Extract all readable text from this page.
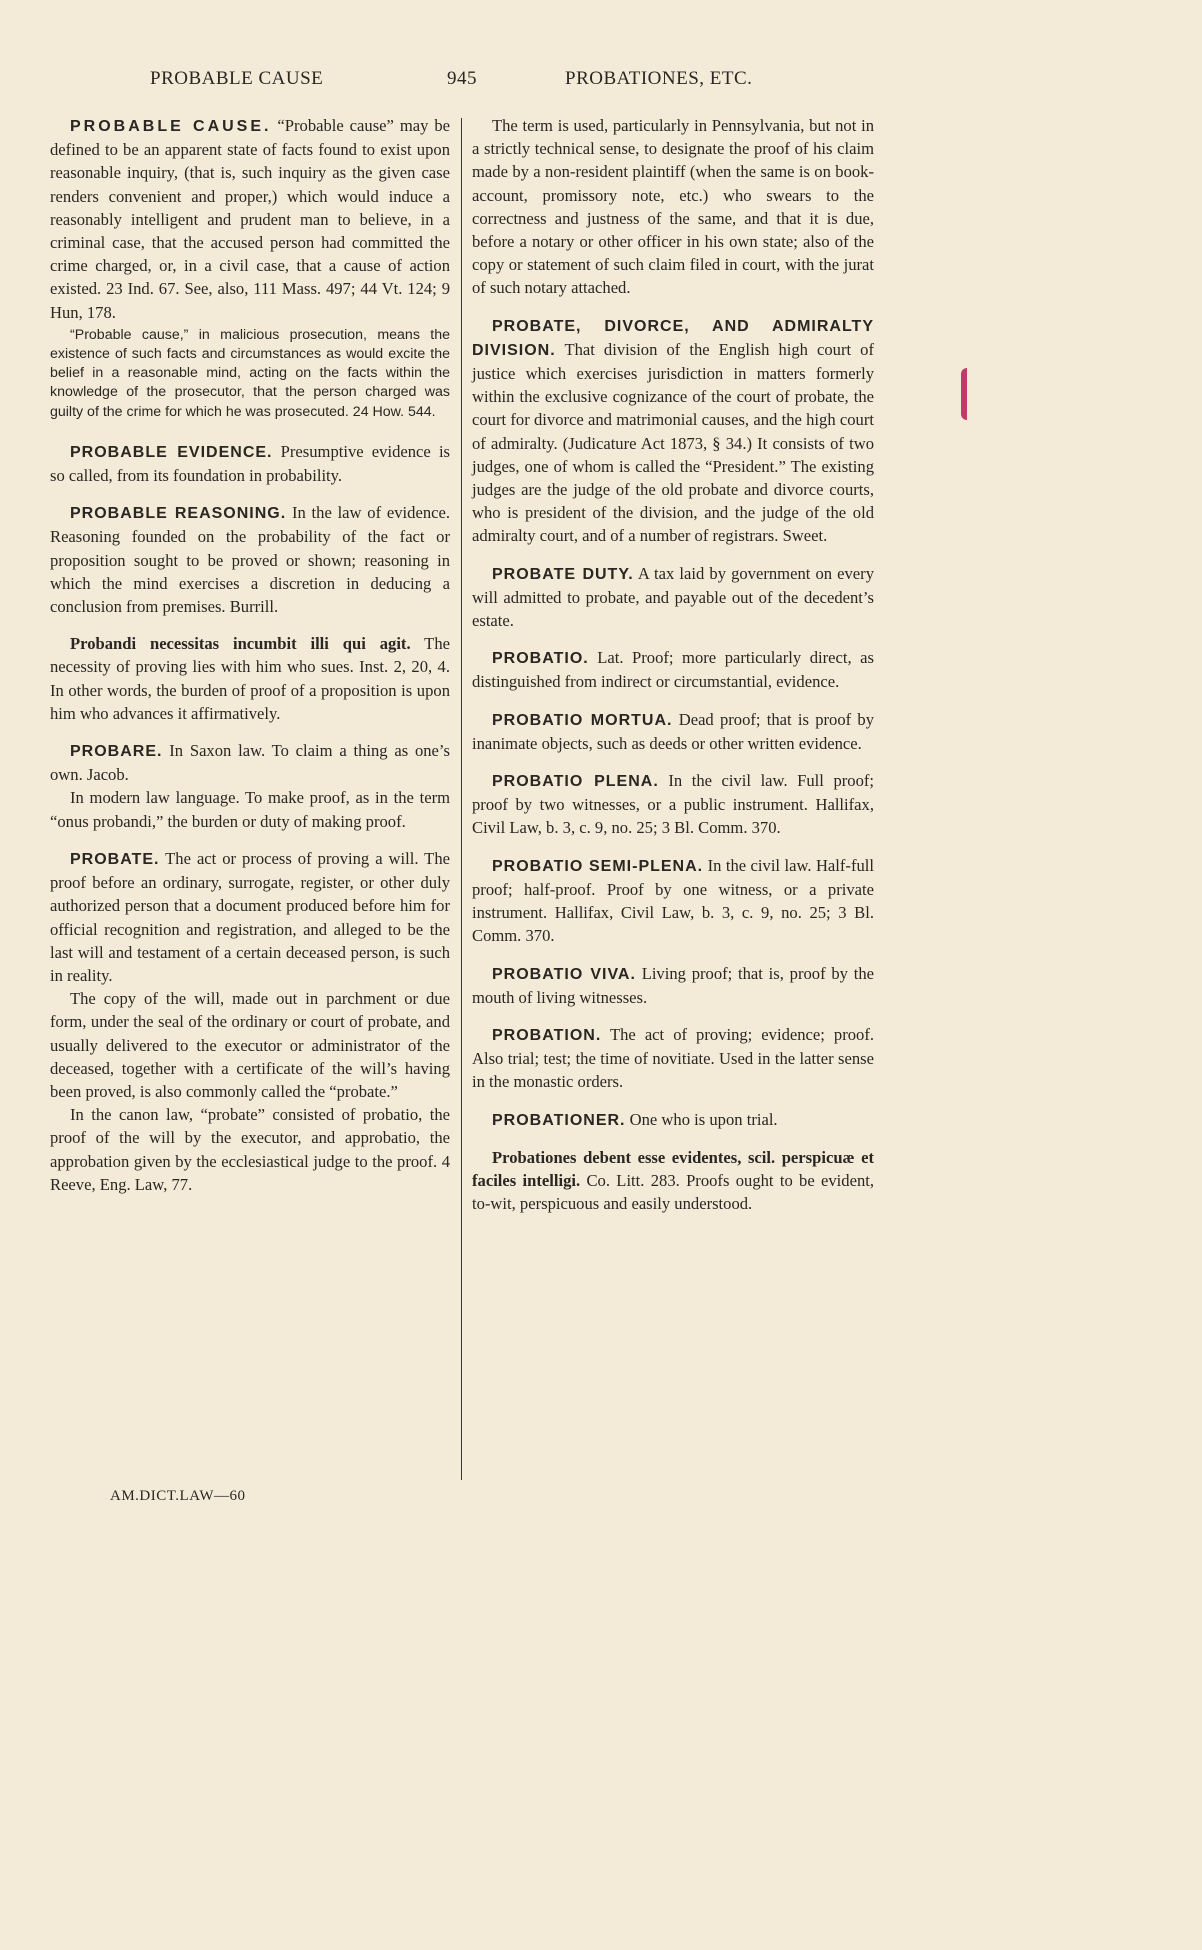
PROBABLE CAUSE	945	PROBATIONES, ETC.

PROBABLE CAUSE. “Probable cause” may be defined to be an apparent state of facts found to exist upon reasonable inquiry, (that is, such inquiry as the given case renders convenient and proper,) which would induce a reasonably intelligent and prudent man to believe, in a criminal case, that the accused person had committed the crime charged, or, in a civil case, that a cause of action existed. 23 Ind. 67. See, also, 111 Mass. 497; 44 Vt. 124; 9 Hun, 178.

“Probable cause,” in malicious prosecution, means the existence of such facts and circumstances as would excite the belief in a reasonable mind, acting on the facts within the knowledge of the prosecutor, that the person charged was guilty of the crime for which he was prosecuted. 24 How. 544.

PROBABLE EVIDENCE. Presumptive evidence is so called, from its foundation in probability.

PROBABLE REASONING. In the law of evidence. Reasoning founded on the probability of the fact or proposition sought to be proved or shown; reasoning in which the mind exercises a discretion in deducing a conclusion from premises. Burrill.

Probandi necessitas incumbit illi qui agit. The necessity of proving lies with him who sues. Inst. 2, 20, 4. In other words, the burden of proof of a proposition is upon him who advances it affirmatively.

PROBARE. In Saxon law. To claim a thing as one’s own. Jacob.

In modern law language. To make proof, as in the term “onus probandi,” the burden or duty of making proof.

PROBATE. The act or process of proving a will. The proof before an ordinary, surrogate, register, or other duly authorized person that a document produced before him for official recognition and registration, and alleged to be the last will and testament of a certain deceased person, is such in reality.

The copy of the will, made out in parchment or due form, under the seal of the ordinary or court of probate, and usually delivered to the executor or administrator of the deceased, together with a certificate of the will’s having been proved, is also commonly called the “probate.”

In the canon law, “probate” consisted of probatio, the proof of the will by the executor, and approbatio, the approbation given by the ecclesiastical judge to the proof. 4 Reeve, Eng. Law, 77.

The term is used, particularly in Pennsylvania, but not in a strictly technical sense, to designate the proof of his claim made by a non-resident plaintiff (when the same is on book-account, promissory note, etc.) who swears to the correctness and justness of the same, and that it is due, before a notary or other officer in his own state; also of the copy or statement of such claim filed in court, with the jurat of such notary attached.

PROBATE, DIVORCE, AND ADMIRALTY DIVISION. That division of the English high court of justice which exercises jurisdiction in matters formerly within the exclusive cognizance of the court of probate, the court for divorce and matrimonial causes, and the high court of admiralty. (Judicature Act 1873, § 34.) It consists of two judges, one of whom is called the “President.” The existing judges are the judge of the old probate and divorce courts, who is president of the division, and the judge of the old admiralty court, and of a number of registrars. Sweet.

PROBATE DUTY. A tax laid by government on every will admitted to probate, and payable out of the decedent’s estate.

PROBATIO. Lat. Proof; more particularly direct, as distinguished from indirect or circumstantial, evidence.

PROBATIO MORTUA. Dead proof; that is proof by inanimate objects, such as deeds or other written evidence.

PROBATIO PLENA. In the civil law. Full proof; proof by two witnesses, or a public instrument. Hallifax, Civil Law, b. 3, c. 9, no. 25; 3 Bl. Comm. 370.

PROBATIO SEMI-PLENA. In the civil law. Half-full proof; half-proof. Proof by one witness, or a private instrument. Hallifax, Civil Law, b. 3, c. 9, no. 25; 3 Bl. Comm. 370.

PROBATIO VIVA. Living proof; that is, proof by the mouth of living witnesses.

PROBATION. The act of proving; evidence; proof. Also trial; test; the time of novitiate. Used in the latter sense in the monastic orders.

PROBATIONER. One who is upon trial.

Probationes debent esse evidentes, scil. perspicuæ et faciles intelligi. Co. Litt. 283. Proofs ought to be evident, to-wit, perspicuous and easily understood.

AM.DICT.LAW—60
